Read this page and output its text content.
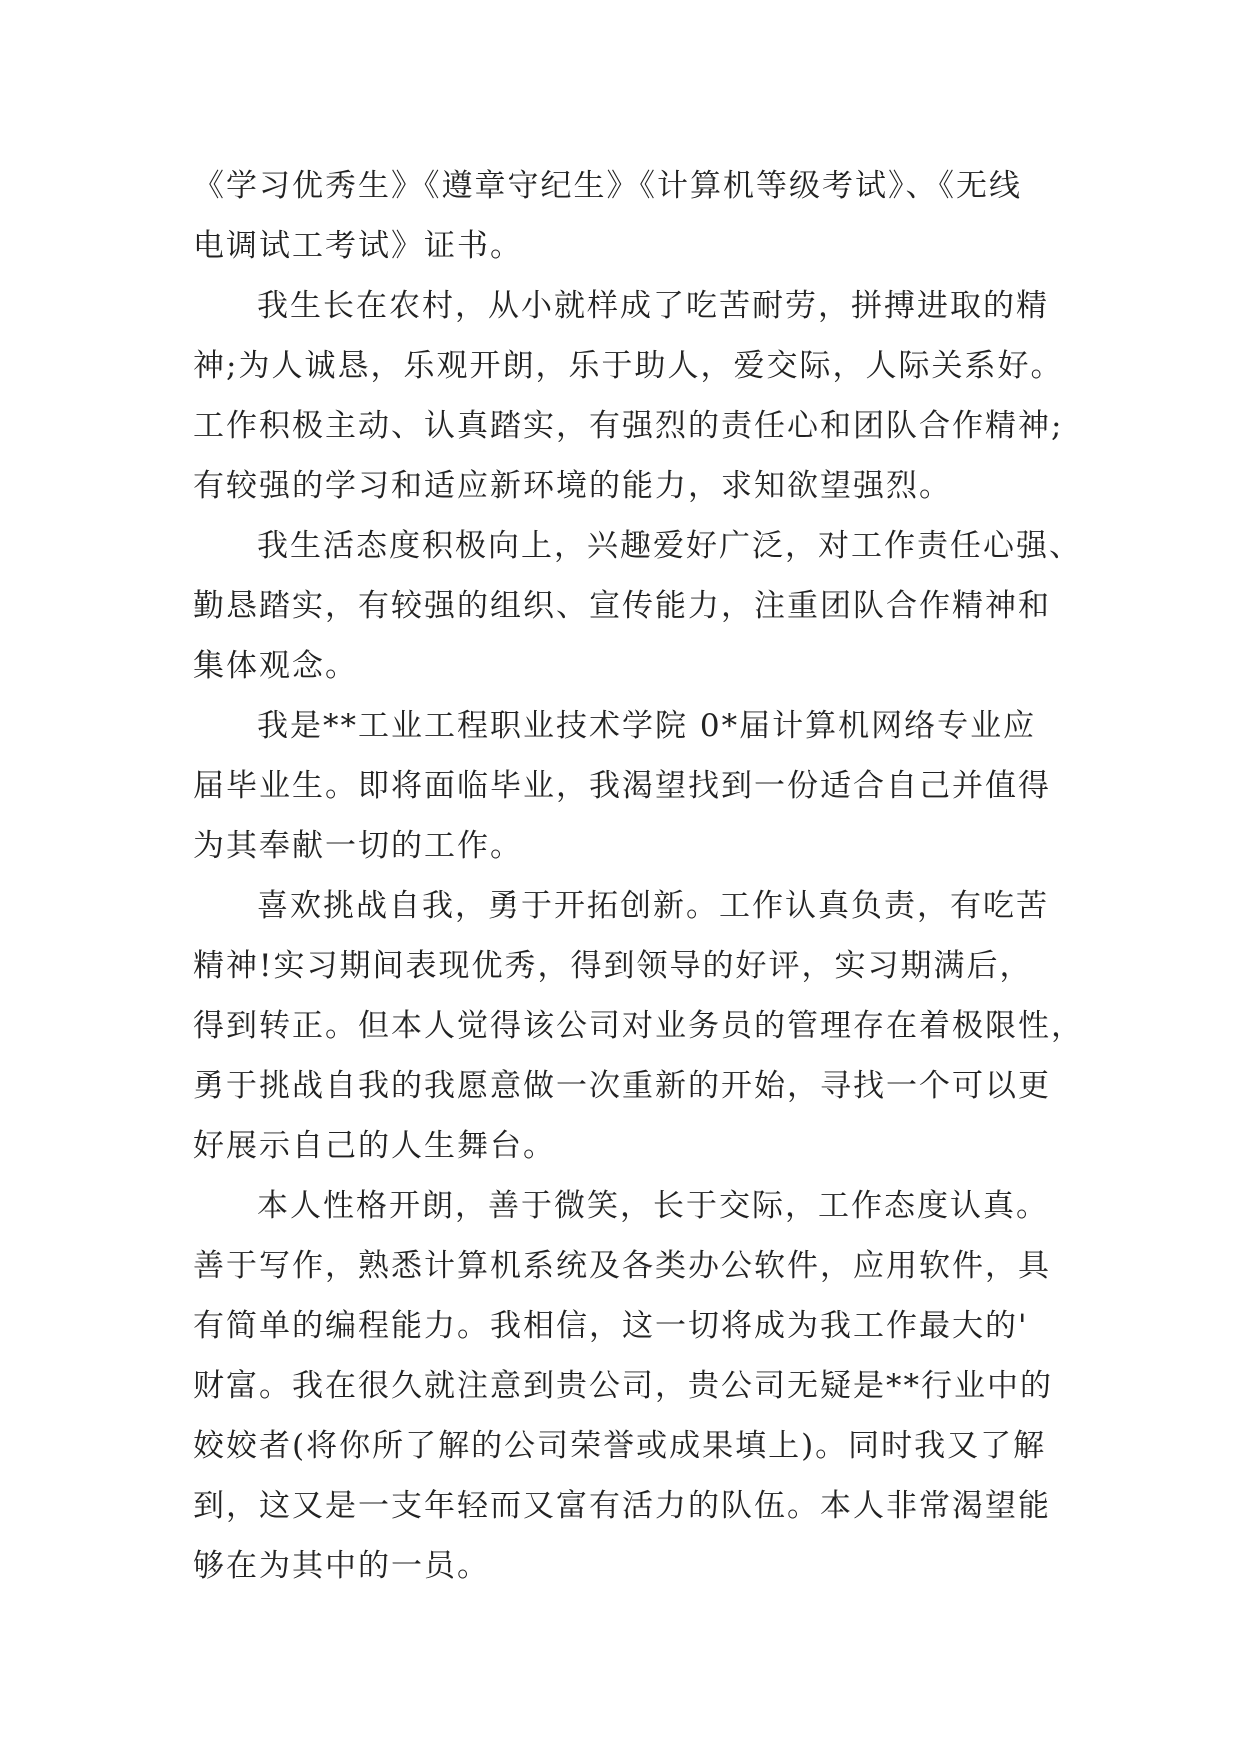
《学习优秀生》《遵章守纪生》《计算机等级考试》、《无线
电调试工考试》证书。
我生长在农村，从小就样成了吃苦耐劳，拼搏进取的精
神;为人诚恳，乐观开朗，乐于助人，爱交际，人际关系好。
工作积极主动、认真踏实，有强烈的责任心和团队合作精神;
有较强的学习和适应新环境的能力，求知欲望强烈。
我生活态度积极向上，兴趣爱好广泛，对工作责任心强、
勤恳踏实，有较强的组织、宣传能力，注重团队合作精神和
集体观念。
我是**工业工程职业技术学院 0*届计算机网络专业应
届毕业生。即将面临毕业，我渴望找到一份适合自己并值得
为其奉献一切的工作。
喜欢挑战自我，勇于开拓创新。工作认真负责，有吃苦
精神!实习期间表现优秀，得到领导的好评，实习期满后，
得到转正。但本人觉得该公司对业务员的管理存在着极限性，
勇于挑战自我的我愿意做一次重新的开始，寻找一个可以更
好展示自己的人生舞台。
本人性格开朗，善于微笑，长于交际，工作态度认真。
善于写作，熟悉计算机系统及各类办公软件，应用软件，具
有简单的编程能力。我相信，这一切将成为我工作最大的'
财富。我在很久就注意到贵公司，贵公司无疑是**行业中的
姣姣者(将你所了解的公司荣誉或成果填上)。同时我又了解
到，这又是一支年轻而又富有活力的队伍。本人非常渴望能
够在为其中的一员。
